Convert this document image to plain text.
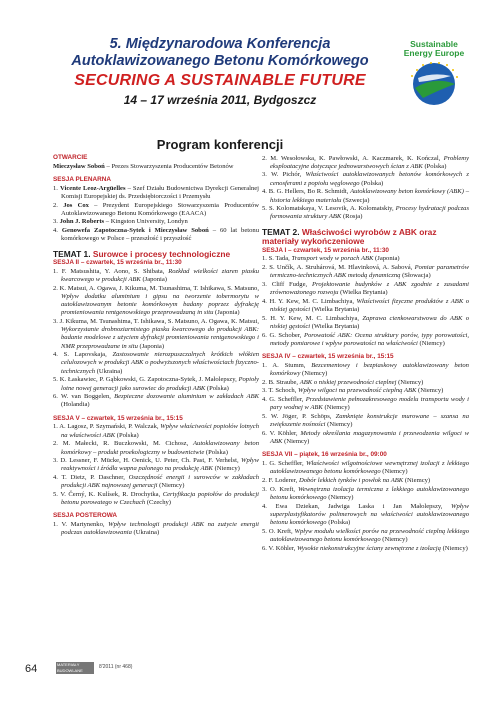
5. Międzynarodowa Konferencja
Autoklawizowanego Betonu Komórkowego
SECURING A SUSTAINABLE FUTURE
14 – 17 września 2011, Bydgoszcz
Program konferencji
Sustainable
Energy Europe
OTWARCIE
Mieczysław Soboń – Prezes Stowarzyszenia Producentów Betonów
SESJA PLENARNA
1. Vicente Leoz-Argüelles – Szef Działu Budownictwa Dyrekcji Generalnej Komisji Europejskiej ds. Przedsiębiorczości i Przemysłu
2. Jos Cox – Prezydent Europejskiego Stowarzyszenia Producentów Autoklawizowanego Betonu Komórkowego (EAACA)
3. John J. Roberts – Kingston University, Londyn
4. Genowefa Zapotoczna-Sytek i Mieczysław Soboń – 60 lat betonu komórkowego w Polsce – przeszłość i przyszłość
TEMAT 1. Surowce i procesy technologiczne
SESJA II – czwartek, 15 września br., 11:30
1. F. Matsushita, Y. Aono, S. Shibata, Rozkład wielkości ziaren piasku kwarcowego w produkcji ABK (Japonia)
2. K. Matsui, A. Ogawa, J. Kikuma, M. Tsunashima, T. Ishikawa, S. Matsuno, Wpływ dodatku aluminium i gipsu na tworzenie tobermorytu w autoklawizowanym betonie komórkowym badany poprzez dyfrakcję promieniowania rentgenowskiego przeprowadzaną in situ (Japonia)
3. J. Kikuma, M. Tsunashima, T. Ishikawa, S. Matsuno, A. Ogawa, K. Matsui, Wykorzystanie drobnoziarnistego piasku kwarcowego do produkcji ABK: badanie modelowe z użyciem dyfrakcji promieniowania rentgenowskiego i NMR przeprowadzane in situ (Japonia)
4. S. Lapovskaja, Zastosowanie nierozpuszczalnych krótkich włókien celulozowych w produkcji ABK o podwyższonych właściwościach fizyczno-technicznych (Ukraina)
5. K. Łaskawiec, P. Gąbkowski, G. Zapotoczna-Sytek, J. Małolepszy, Popioły lotne nowej generacji jako surowiec do produkcji ABK (Polska)
6. W. van Boggelen, Bezpieczne dozowanie aluminium w zakładach ABK (Holandia)
SESJA V – czwartek, 15 września br., 15:15
1. A. Lagosz, P. Szymański, P. Walczak, Wpływ właściwości popiołów lotnych na właściwości ABK (Polska)
2. M. Małecki, R. Buczkowski, M. Cichosz, Autoklawizowany beton komórkowy – produkt proekologiczny w budownictwie (Polska)
3. D. Lessner, F. Mücke, H. Oenick, U. Peter, Ch. Past, F. Verhelst, Wpływ reaktywności i źródła wapna palonego na produkcję ABK (Niemcy)
4. T. Dietz, P. Daschner, Oszczędność energii i surowców w zakładach produkcji ABK najnowszej generacji (Niemcy)
5. V. Černý, K. Kulísek, R. Drochytka, Certyfikacja popiołów do produkcji betonu porowatego w Czechach (Czechy)
SESJA POSTEROWA
1. V. Martynenko, Wpływ technologii produkcji ABK na zużycie energii podczas autoklawizowania (Ukraina)
2. M. Wesołowska, K. Pawłowski, A. Kaczmarek, K. Kończal, Problemy eksploatacyjne dotyczące jednowarstwowych ścian z ABK (Polska)
3. W. Pichór, Właściwości autoklawizowanych betonów komórkowych z cenosferami z popiołu węglowego (Polska)
4. B. G. Hellers, Bo R. Schmidt, Autoklawizowany beton komórkowy (ABK) – historia lekkiego materiału (Szwecja)
5. S. Kolomatskaya, V. Lesovik, A. Kolomatskiy, Procesy hydratacji podczas formowania struktury ABK (Rosja)
TEMAT 2. Właściwości wyrobów z ABK oraz materiały wykończeniowe
SESJA I – czwartek, 15 września br., 11:30
1. S. Tada, Transport wody w porach ABK (Japonia)
2. S. Unčík, A. Struhárová, M. Hlavinková, A. Sabová, Pomiar parametrów termiczno-technicznych ABK metodą dynamiczną (Słowacja)
3. Cliff Fudge, Projektowanie budynków z ABK zgodnie z zasadami zrównoważonego rozwoju (Wielka Brytania)
4. H. Y. Kew, M. C. Limbachiya, Właściwości fizyczne produktów z ABK o niskiej gęstości (Wielka Brytania)
5. H. Y. Kew, M. C. Limbachiya, Zaprawa cienkowarstwowa do ABK o niskiej gęstości (Wielka Brytania)
6. G. Schober, Porowatość ABK: Ocena struktury porów, typy porowatości, metody pomiarowe i wpływ porowatości na właściwości (Niemcy)
SESJA IV – czwartek, 15 września br., 15:15
1. A. Stumm, Bezcementowy i bezpiaskowy autoklawizowany beton komórkowy (Niemcy)
2. B. Straube, ABK o niskiej przewodności cieplnej (Niemcy)
3. T. Schoch, Wpływ wilgoci na przewodność cieplną ABK (Niemcy)
4. G. Scheffler, Przedstawienie pełnozakresowego modelu transportu wody i pary wodnej w ABK (Niemcy)
5. W. Jöger, P. Schöps, Zamknięte konstrukcje murowane – szansa na zwiększenie nośności (Niemcy)
6. V. Köhler, Metody określania magazynowania i przewodzenia wilgoci w ABK (Niemcy)
SESJA VII – piątek, 16 września br., 09:00
1. G. Scheffler, Właściwości wilgotnościowe wewnętrznej izolacji z lekkiego autoklawizowanego betonu komórkowego (Niemcy)
2. F. Loderer, Dobór lekkich tynków i powłok na ABK (Niemcy)
3. O. Kreft, Wewnętrzna izolacja termiczna z lekkiego autoklawizowanego betonu komórkowego (Niemcy)
4. Ewa Dziekan, Jadwiga Laska i Jan Małolepszy, Wpływ superplastyfikatorów polimerowych na właściwości autoklawizowanego betonu komórkowego (Polska)
5. O. Kreft, Wpływ modułu wielkości porów na przewodność cieplną lekkiego autoklawizowanego betonu komórkowego (Niemcy)
6. V. Köhler, Wysokie niekonstrukcyjne ściany zewnętrzne z izolacją (Niemcy)
64	MATERIAŁY BUDOWLANE
8'2011 (nr 468)
